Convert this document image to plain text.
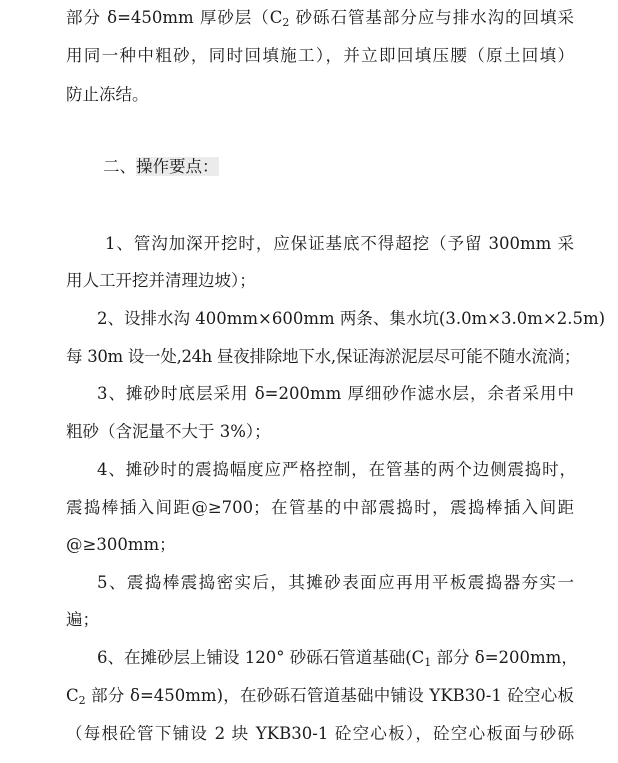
部分 δ=450mm 厚砂层（$C_2$ 砂砾石管基部分应与排水沟的回填采
用同一种中粗砂，同时回填施工），并立即回填压腰（原土回填）
防止冻结。
二、操作要点：
1、管沟加深开挖时，应保证基底不得超挖（予留 300mm 采
用人工开挖并清理边坡）；
2、设排水沟 400mm×600mm 两条、集水坑(3.0m×3.0m×2.5m)
每 30m 设一处,24h 昼夜排除地下水,保证海淤泥层尽可能不随水流淌；
3、摊砂时底层采用 δ=200mm 厚细砂作滤水层，余者采用中
粗砂（含泥量不大于 3%）；
4、摊砂时的震捣幅度应严格控制，在管基的两个边侧震捣时，
震捣棒插入间距@≥700；在管基的中部震捣时，震捣棒插入间距
@≥300mm；
5、震捣棒震捣密实后，其摊砂表面应再用平板震捣器夯实一
遍；
6、在摊砂层上铺设 120° 砂砾石管道基础($C_1$ 部分 δ=200mm，
$C_2$ 部分 δ=450mm)，在砂砾石管道基础中铺设 YKB30-1 砼空心板
（每根砼管下铺设 2 块 YKB30-1 砼空心板），砼空心板面与砂砾
